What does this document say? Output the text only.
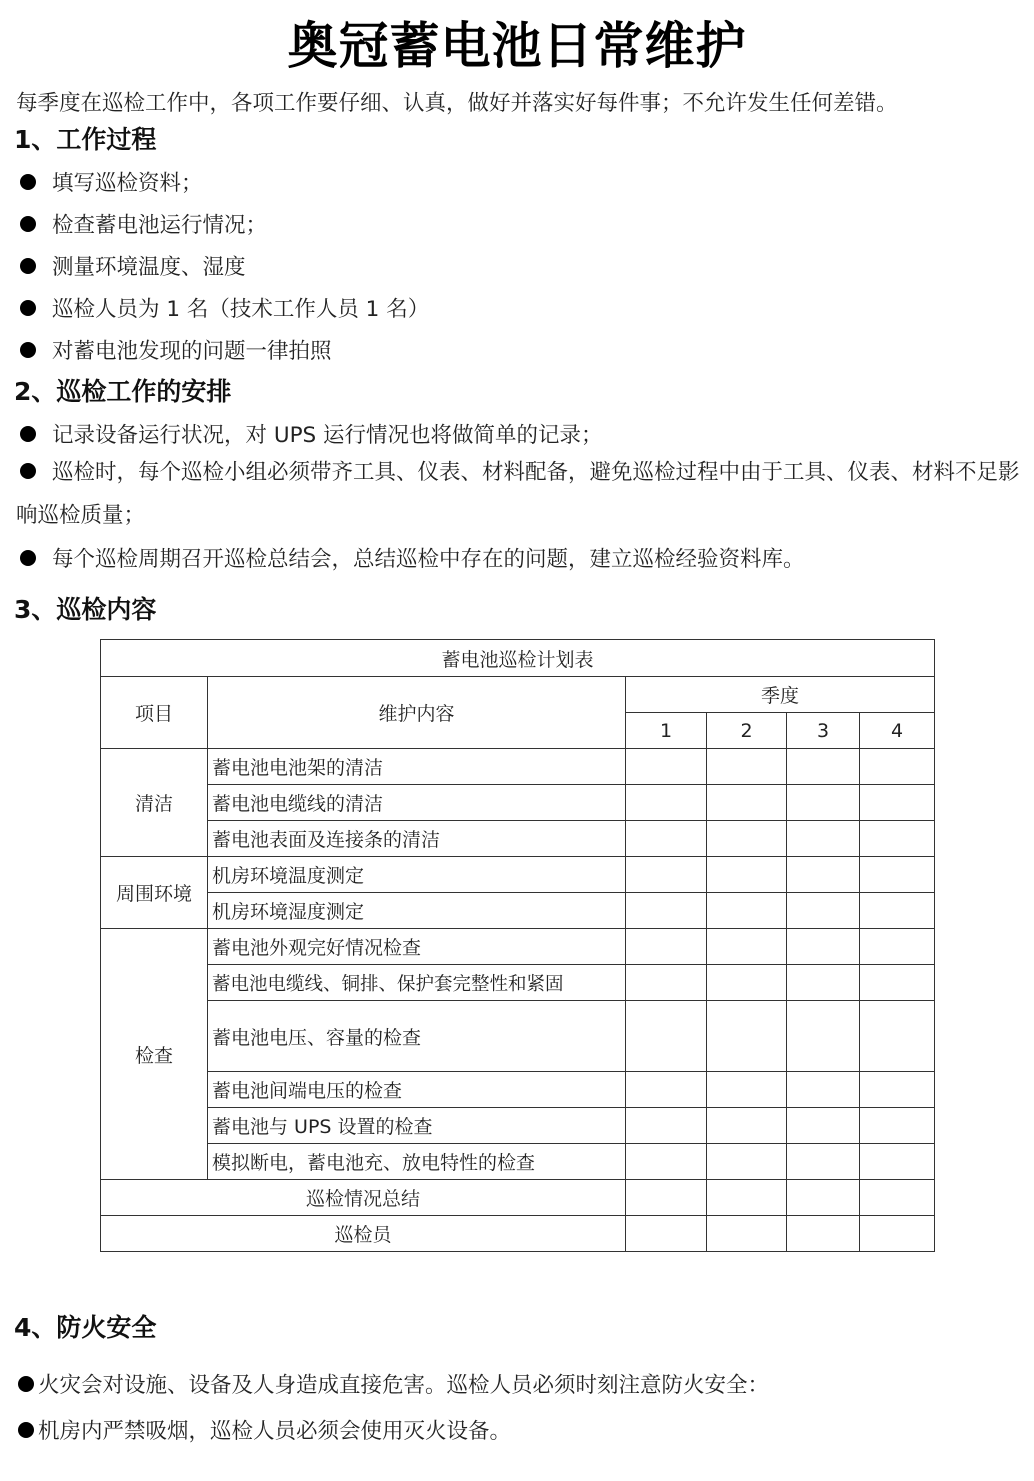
奥冠蓄电池日常维护
每季度在巡检工作中，各项工作要仔细、认真，做好并落实好每件事；不允许发生任何差错。
1、工作过程
填写巡检资料；
检查蓄电池运行情况；
测量环境温度、湿度
巡检人员为 1 名（技术工作人员 1 名）
对蓄电池发现的问题一律拍照
2、巡检工作的安排
记录设备运行状况，对 UPS 运行情况也将做简单的记录；
巡检时，每个巡检小组必须带齐工具、仪表、材料配备，避免巡检过程中由于工具、仪表、材料不足影响巡检质量；
每个巡检周期召开巡检总结会，总结巡检中存在的问题，建立巡检经验资料库。
3、巡检内容
蓄电池巡检计划表					
项目	维护内容	季度			
		1	2	3	4
清洁	蓄电池电池架的清洁				
	蓄电池电缆线的清洁				
	蓄电池表面及连接条的清洁				
周围环境	机房环境温度测定				
	机房环境湿度测定				
检查	蓄电池外观完好情况检查				
	蓄电池电缆线、铜排、保护套完整性和紧固				
	蓄电池电压、容量的检查				
	蓄电池间端电压的检查				
	蓄电池与 UPS 设置的检查				
	模拟断电，蓄电池充、放电特性的检查				
巡检情况总结					
巡检员					
4、防火安全
火灾会对设施、设备及人身造成直接危害。巡检人员必须时刻注意防火安全：
机房内严禁吸烟，巡检人员必须会使用灭火设备。
